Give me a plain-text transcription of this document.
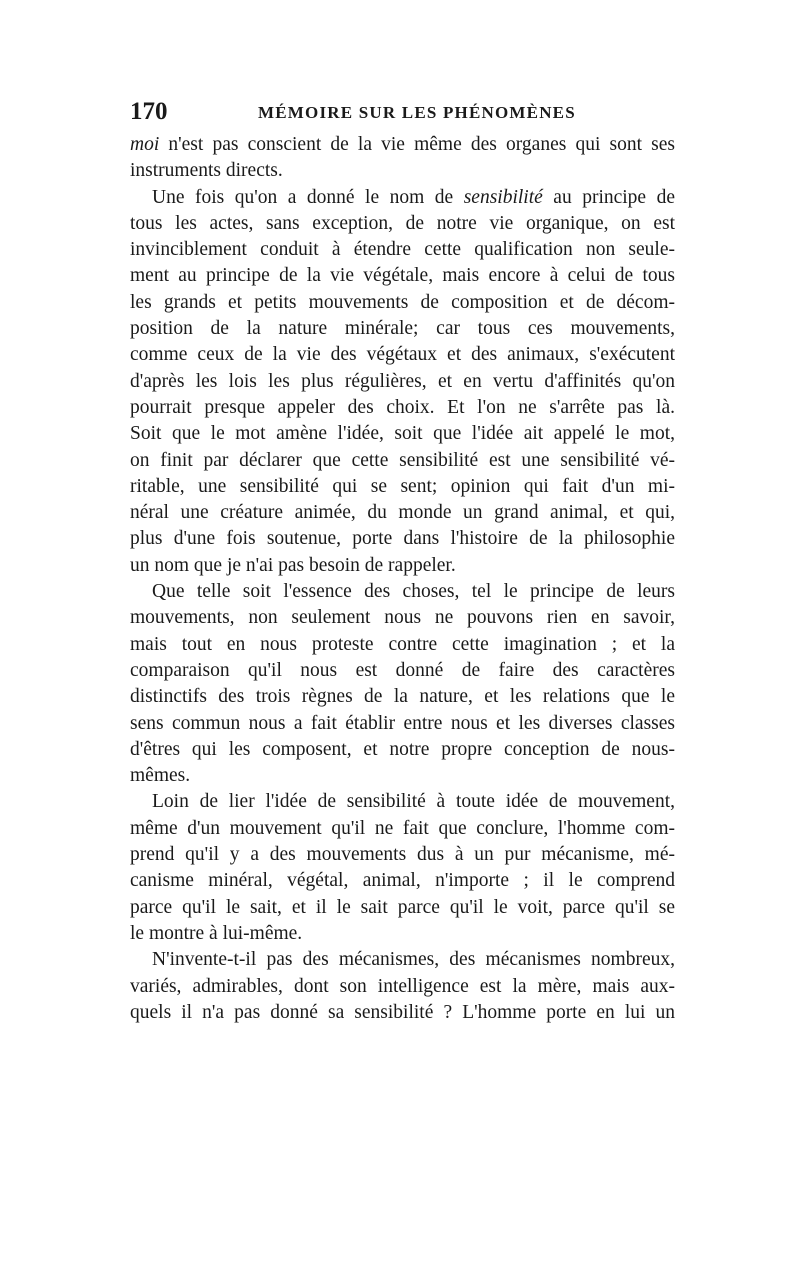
170	MÉMOIRE SUR LES PHÉNOMÈNES
moi n'est pas conscient de la vie même des organes qui sont ses
instruments directs.
Une fois qu'on a donné le nom de sensibilité au principe de
tous les actes, sans exception, de notre vie organique, on est
invinciblement conduit à étendre cette qualification non seule-
ment au principe de la vie végétale, mais encore à celui de tous
les grands et petits mouvements de composition et de décom-
position de la nature minérale; car tous ces mouvements,
comme ceux de la vie des végétaux et des animaux, s'exécutent
d'après les lois les plus régulières, et en vertu d'affinités qu'on
pourrait presque appeler des choix. Et l'on ne s'arrête pas là.
Soit que le mot amène l'idée, soit que l'idée ait appelé le mot,
on finit par déclarer que cette sensibilité est une sensibilité vé-
ritable, une sensibilité qui se sent; opinion qui fait d'un mi-
néral une créature animée, du monde un grand animal, et qui,
plus d'une fois soutenue, porte dans l'histoire de la philosophie
un nom que je n'ai pas besoin de rappeler.
Que telle soit l'essence des choses, tel le principe de leurs
mouvements, non seulement nous ne pouvons rien en savoir,
mais tout en nous proteste contre cette imagination ; et la
comparaison qu'il nous est donné de faire des caractères
distinctifs des trois règnes de la nature, et les relations que le
sens commun nous a fait établir entre nous et les diverses classes
d'êtres qui les composent, et notre propre conception de nous-
mêmes.
Loin de lier l'idée de sensibilité à toute idée de mouvement,
même d'un mouvement qu'il ne fait que conclure, l'homme com-
prend qu'il y a des mouvements dus à un pur mécanisme, mé-
canisme minéral, végétal, animal, n'importe ; il le comprend
parce qu'il le sait, et il le sait parce qu'il le voit, parce qu'il se
le montre à lui-même.
N'invente-t-il pas des mécanismes, des mécanismes nombreux,
variés, admirables, dont son intelligence est la mère, mais aux-
quels il n'a pas donné sa sensibilité ? L'homme porte en lui un
